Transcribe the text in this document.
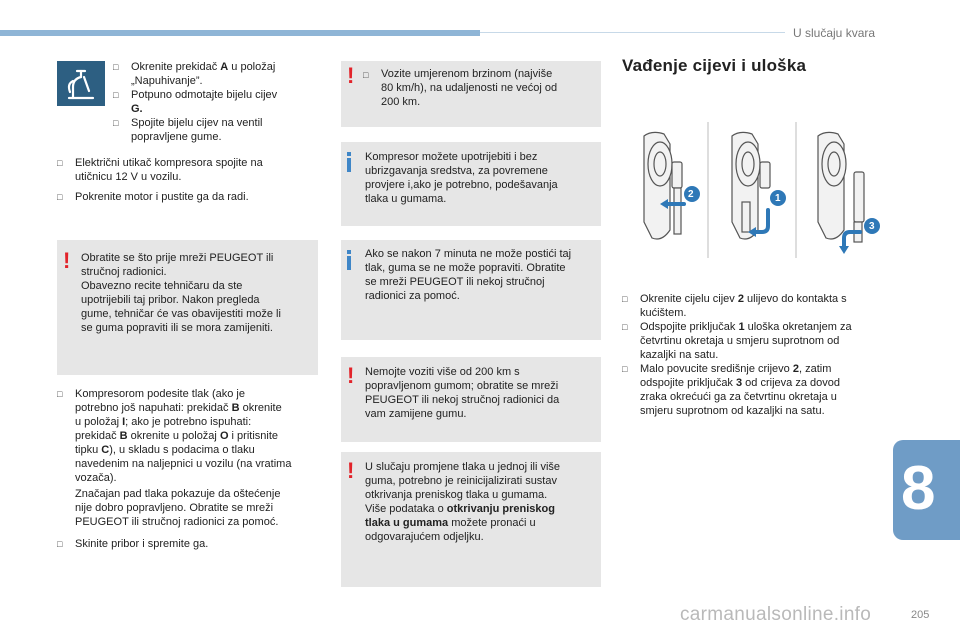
U slučaju kvara
8
□	Okrenite prekidač A u položaj
„Napuhivanje”.
□	Potpuno odmotajte bijelu cijev
G.
□	Spojite bijelu cijev na ventil
popravljene gume.
□	Električni utikač kompresora spojite na
utičnicu 12 V u vozilu.
□	Pokrenite motor i pustite ga da radi.
! Obratite se što prije mreži PEUGEOT ili
stručnoj radionici.
Obavezno recite tehničaru da ste
upotrijebili taj pribor. Nakon pregleda
gume, tehničar će vas obavijestiti može li
se guma popraviti ili se mora zamijeniti.
□	Kompresorom podesite tlak (ako je
potrebno još napuhati: prekidač B okrenite
u položaj I; ako je potrebno ispuhati:
prekidač B okrenite u položaj O i pritisnite
tipku C), u skladu s podacima o tlaku
navedenim na naljepnici u vozilu (na vratima
vozača).
Značajan pad tlaka pokazuje da oštećenje
nije dobro popravljeno. Obratite se mreži
PEUGEOT ili stručnoj radionici za pomoć.
□	Skinite pribor i spremite ga.
! □ Vozite umjerenom brzinom (najviše
80 km/h), na udaljenosti ne većoj od
200 km.
Kompresor možete upotrijebiti i bez
ubrizgavanja sredstva, za povremene
provjere i,ako je potrebno, podešavanja
tlaka u gumama.
Ako se nakon 7 minuta ne može postići taj
tlak, guma se ne može popraviti. Obratite
se mreži PEUGEOT ili nekoj stručnoj
radionici za pomoć.
! Nemojte voziti više od 200 km s
popravljenom gumom; obratite se mreži
PEUGEOT ili nekoj stručnoj radionici da
vam zamijene gumu.
! U slučaju promjene tlaka u jednoj ili više
guma, potrebno je reinicijalizirati sustav
otkrivanja preniskog tlaka u gumama.
Više podataka o otkrivanju preniskog
tlaka u gumama možete pronaći u
odgovarajućem odjeljku.
Vađenje cijevi i uloška
2	1
3
□	Okrenite cijelu cijev 2 ulijevo do kontakta s
kućištem.
□	Odspojite priključak 1 uloška okretanjem za
četvrtinu okretaja u smjeru suprotnom od
kazaljki na satu.
□	Malo povucite središnje crijevo 2, zatim
odspojite priključak 3 od crijeva za dovod
zraka okrećući ga za četvrtinu okretaja u
smjeru suprotnom od kazaljki na satu.
carmanualsonline.info	205
